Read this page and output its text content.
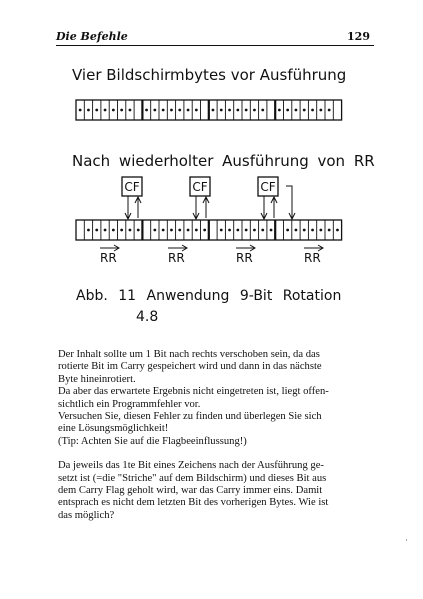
Die Befehle	129
Vier Bildschirmbytes vor Ausführung
Nach wiederholter Ausführung von RR
CF	CF	CF
RR	RR	RR	RR
Abb. 11 Anwendung 9-Bit Rotation
4.8

Der Inhalt sollte um 1 Bit nach rechts verschoben sein, da das
rotierte Bit im Carry gespeichert wird und dann in das nächste
Byte hineinrotiert.
Da aber das erwartete Ergebnis nicht eingetreten ist, liegt offen-
sichtlich ein Programmfehler vor.
Versuchen Sie, diesen Fehler zu finden und überlegen Sie sich
eine Lösungsmöglichkeit!
(Tip: Achten Sie auf die Flagbeeinflussung!)

Da jeweils das 1te Bit eines Zeichens nach der Ausführung ge-
setzt ist (=die "Striche" auf dem Bildschirm) und dieses Bit aus
dem Carry Flag geholt wird, war das Carry immer eins. Damit
entsprach es nicht dem letzten Bit des vorherigen Bytes. Wie ist
das möglich?

·
